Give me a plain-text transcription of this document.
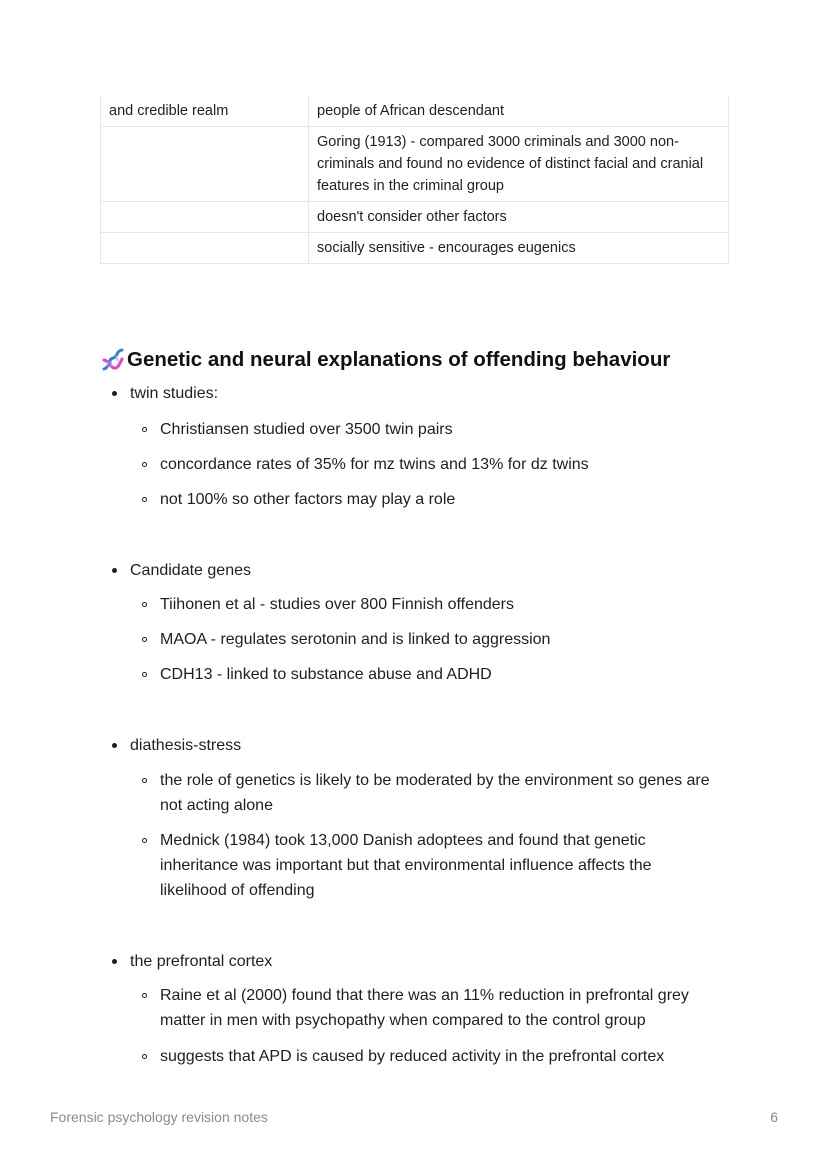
and credible realm	people of African descendant
	Goring (1913) - compared 3000 criminals and 3000 non-criminals and found no evidence of distinct facial and cranial features in the criminal group
	doesn't consider other factors
	socially sensitive - encourages eugenics
Genetic and neural explanations of offending behaviour
twin studies:
Christiansen studied over 3500 twin pairs
concordance rates of 35% for mz twins and 13% for dz twins
not 100% so other factors may play a role
Candidate genes
Tiihonen et al - studies over 800 Finnish offenders
MAOA - regulates serotonin and is linked to aggression
CDH13 - linked to substance abuse and ADHD
diathesis-stress
the role of genetics is likely to be moderated by the environment so genes are not acting alone
Mednick (1984) took 13,000 Danish adoptees and found that genetic inheritance was important but that environmental influence affects the likelihood of offending
the prefrontal cortex
Raine et al (2000) found that there was an 11% reduction in prefrontal grey matter in men with psychopathy when compared to the control group
suggests that APD is caused by reduced activity in the prefrontal cortex
Forensic psychology revision notes	6
